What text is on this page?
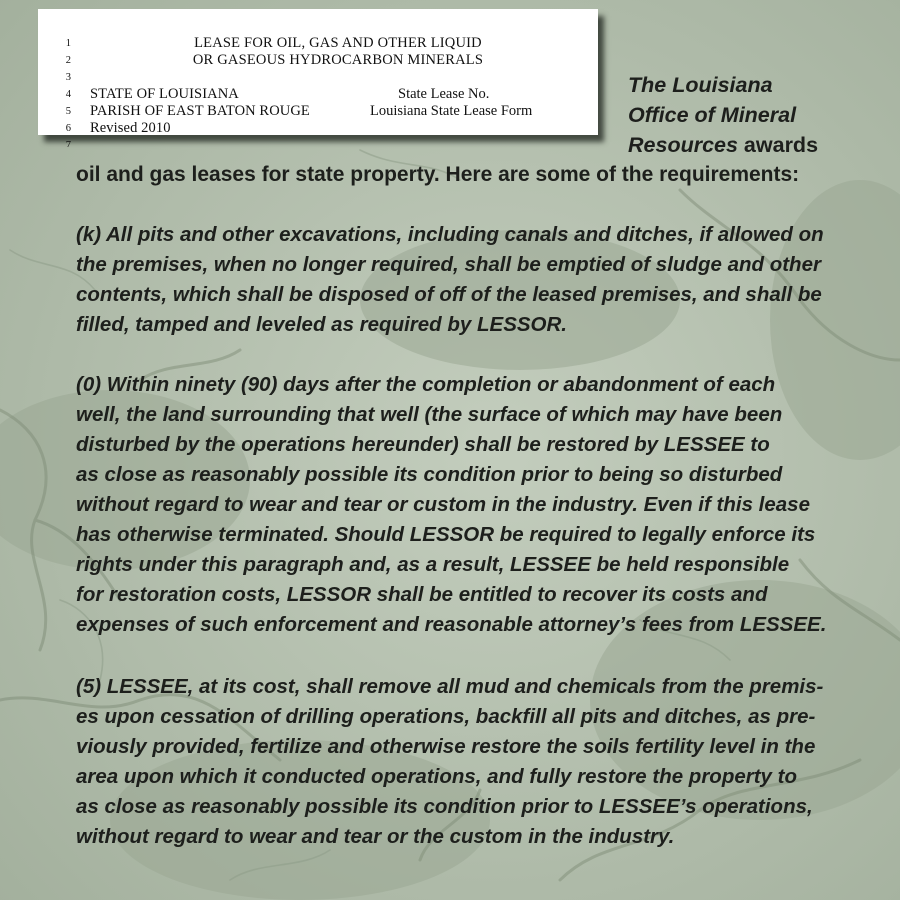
1	LEASE FOR OIL, GAS AND OTHER LIQUID
2	OR GASEOUS HYDROCARBON MINERALS
3
4 STATE OF LOUISIANA	State Lease No.
5 PARISH OF EAST BATON ROUGE	Louisiana State Lease Form
6 Revised 2010
7
The Louisiana
Office of Mineral
Resources awards
oil and gas leases for state property. Here are some of the requirements:
(k) All pits and other excavations, including canals and ditches, if allowed on
the premises, when no longer required, shall be emptied of sludge and other
contents, which shall be disposed of off of the leased premises, and shall be
filled, tamped and leveled as required by LESSOR.
(0) Within ninety (90) days after the completion or abandonment of each
well, the land surrounding that well (the surface of which may have been
disturbed by the operations hereunder) shall be restored by LESSEE to
as close as reasonably possible its condition prior to being so disturbed
without regard to wear and tear or custom in the industry. Even if this lease
has otherwise terminated. Should LESSOR be required to legally enforce its
rights under this paragraph and, as a result, LESSEE be held responsible
for restoration costs, LESSOR shall be entitled to recover its costs and
expenses of such enforcement and reasonable attorney’s fees from LESSEE.
(5) LESSEE, at its cost, shall remove all mud and chemicals from the premis-
es upon cessation of drilling operations, backfill all pits and ditches, as pre-
viously provided, fertilize and otherwise restore the soils fertility level in the
area upon which it conducted operations, and fully restore the property to
as close as reasonably possible its condition prior to LESSEE’s operations,
without regard to wear and tear or the custom in the industry.
